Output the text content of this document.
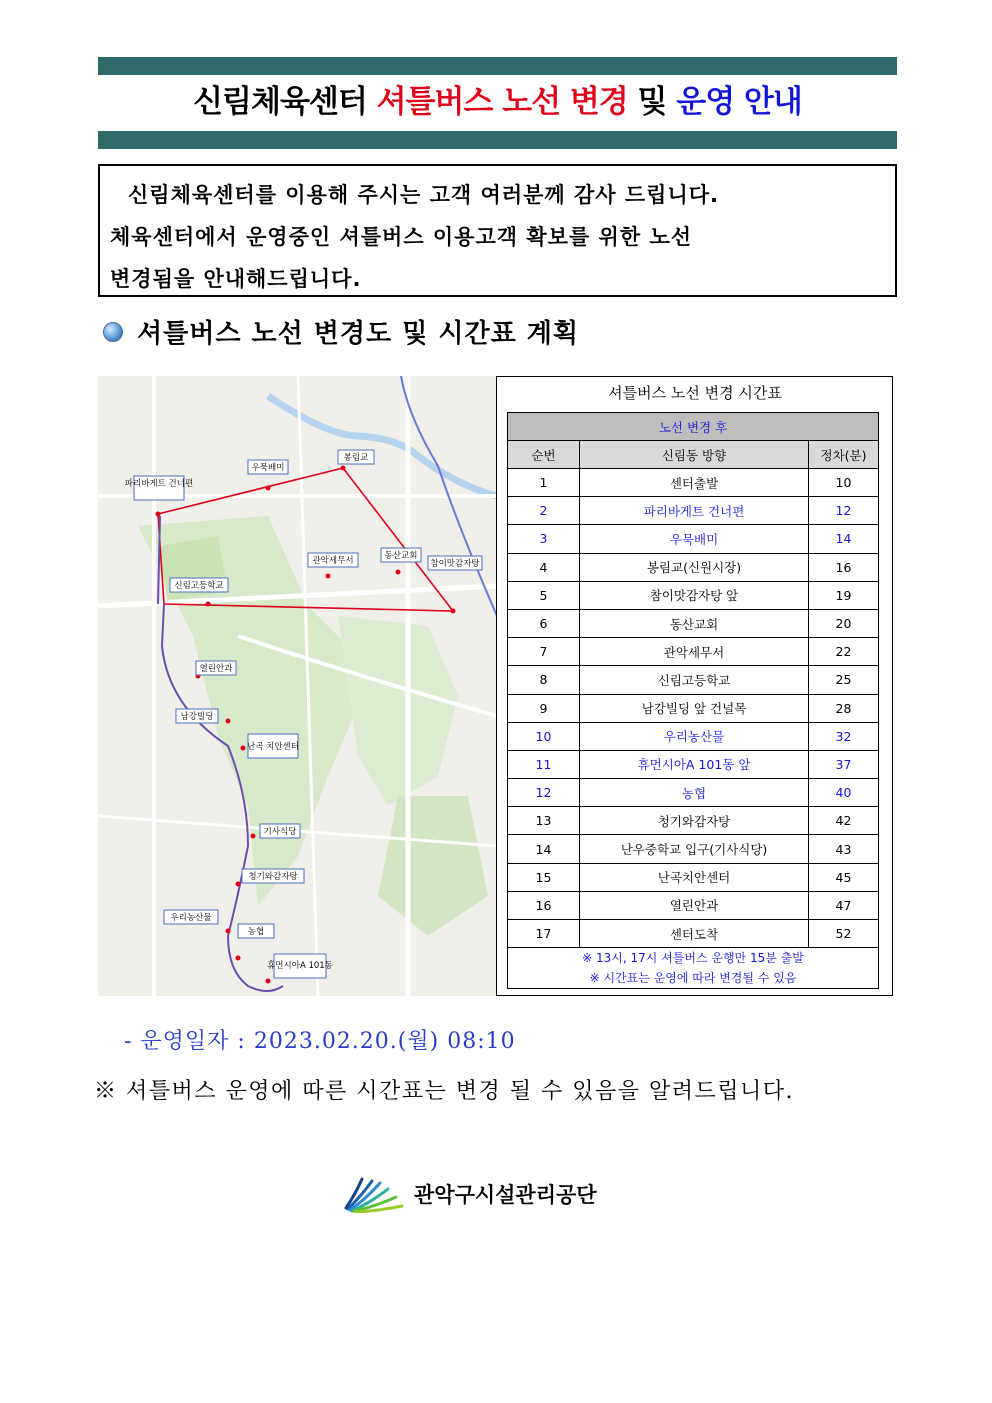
신림체육센터 셔틀버스 노선 변경 및 운영 안내
신림체육센터를 이용해 주시는 고객 여러분께 감사 드립니다.
체육센터에서 운영중인 셔틀버스 이용고객 확보를 위한 노선
변경됨을 안내해드립니다.
셔틀버스 노선 변경도 및 시간표 계획
파리바게트 건너편
우묵배미
봉림교
관악세무서	동산교회
참이맛감자탕
신림고등학교
열린안과
남강빌딩
난곡 치안센터
기사식당
청기와감자탕
우리농산물
농협
휴먼시아A 101동
셔틀버스 노선 변경 시간표
노선 변경 후		
순번	신림동 방향	정차(분)
1	센터출발	10
2	파리바게트 건너편	12
3	우묵배미	14
4	봉림교(신원시장)	16
5	참이맛감자탕 앞	19
6	동산교회	20
7	관악세무서	22
8	신림고등학교	25
9	남강빌딩 앞 건널목	28
10	우리농산물	32
11	휴먼시아A 101동 앞	37
12	농협	40
13	청기와감자탕	42
14	난우중학교 입구(기사식당)	43
15	난곡치안센터	45
16	열린안과	47
17	센터도착	52

※ 13시, 17시 셔틀버스 운행만 15분 출발
※ 시간표는 운영에 따라 변경될 수 있음		
- 운영일자 : 2023.02.20.(월) 08:10
※ 셔틀버스 운영에 따른 시간표는 변경 될 수 있음을 알려드립니다.
관악구시설관리공단
